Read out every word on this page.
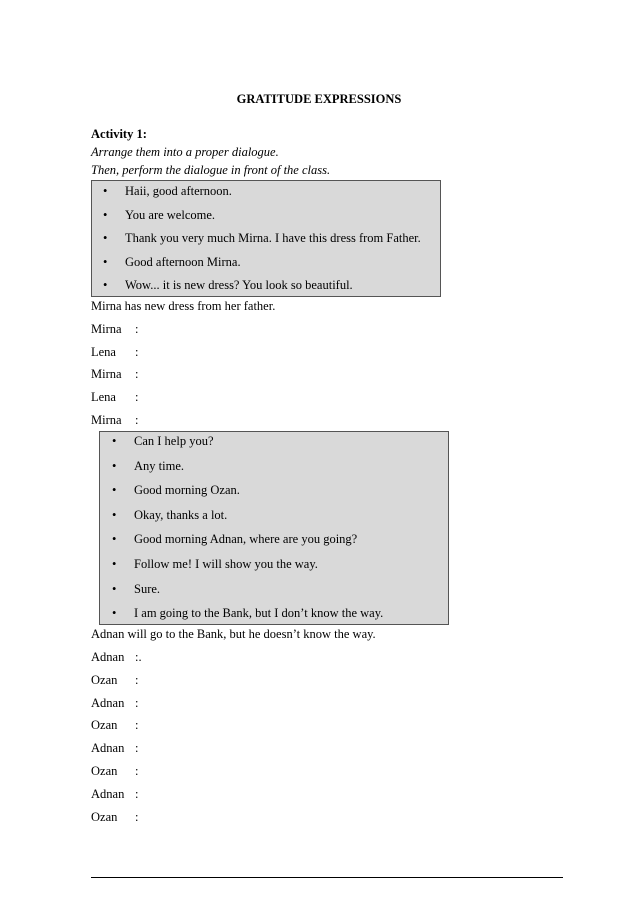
GRATITUDE EXPRESSIONS
Activity 1:
Arrange them into a proper dialogue.
Then, perform the dialogue in front of the class.
• Haii, good afternoon.
• You are welcome.
• Thank you very much Mirna. I have this dress from Father.
• Good afternoon Mirna.
• Wow... it is new dress? You look so beautiful.
Mirna has new dress from her father.
Mirna :
Lena :
Mirna :
Lena :
Mirna :
• Can I help you?
• Any time.
• Good morning Ozan.
• Okay, thanks a lot.
• Good morning Adnan, where are you going?
• Follow me! I will show you the way.
• Sure.
• I am going to the Bank, but I don’t know the way.
Adnan will go to the Bank, but he doesn’t know the way.
Adnan :.
Ozan :
Adnan :
Ozan :
Adnan :
Ozan :
Adnan :
Ozan :
